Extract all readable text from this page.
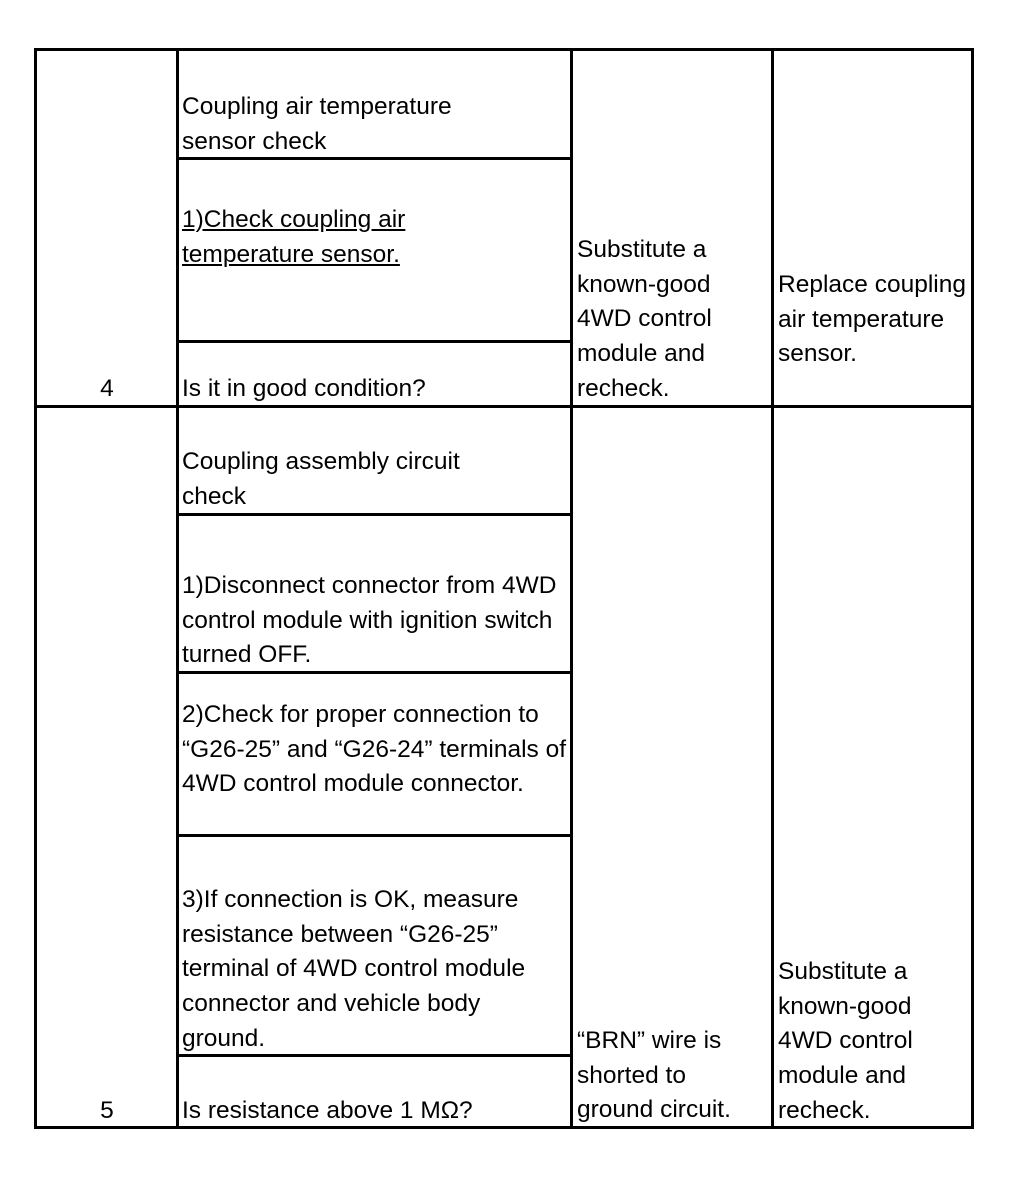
4
Coupling air temperature sensor check
1)Check coupling air temperature sensor.
Is it in good condition?
Substitute a known-good 4WD control module and recheck.
Replace coupling air temperature sensor.
5
Coupling assembly circuit check
1)Disconnect connector from 4WD control module with ignition switch turned OFF.
2)Check for proper connection to “G26-25” and “G26-24” terminals of 4WD control module connector.
3)If connection is OK, measure resistance between “G26-25” terminal of 4WD control module connector and vehicle body ground.
Is resistance above 1 MΩ?
“BRN” wire is shorted to ground circuit.
Substitute a known-good 4WD control module and recheck.
